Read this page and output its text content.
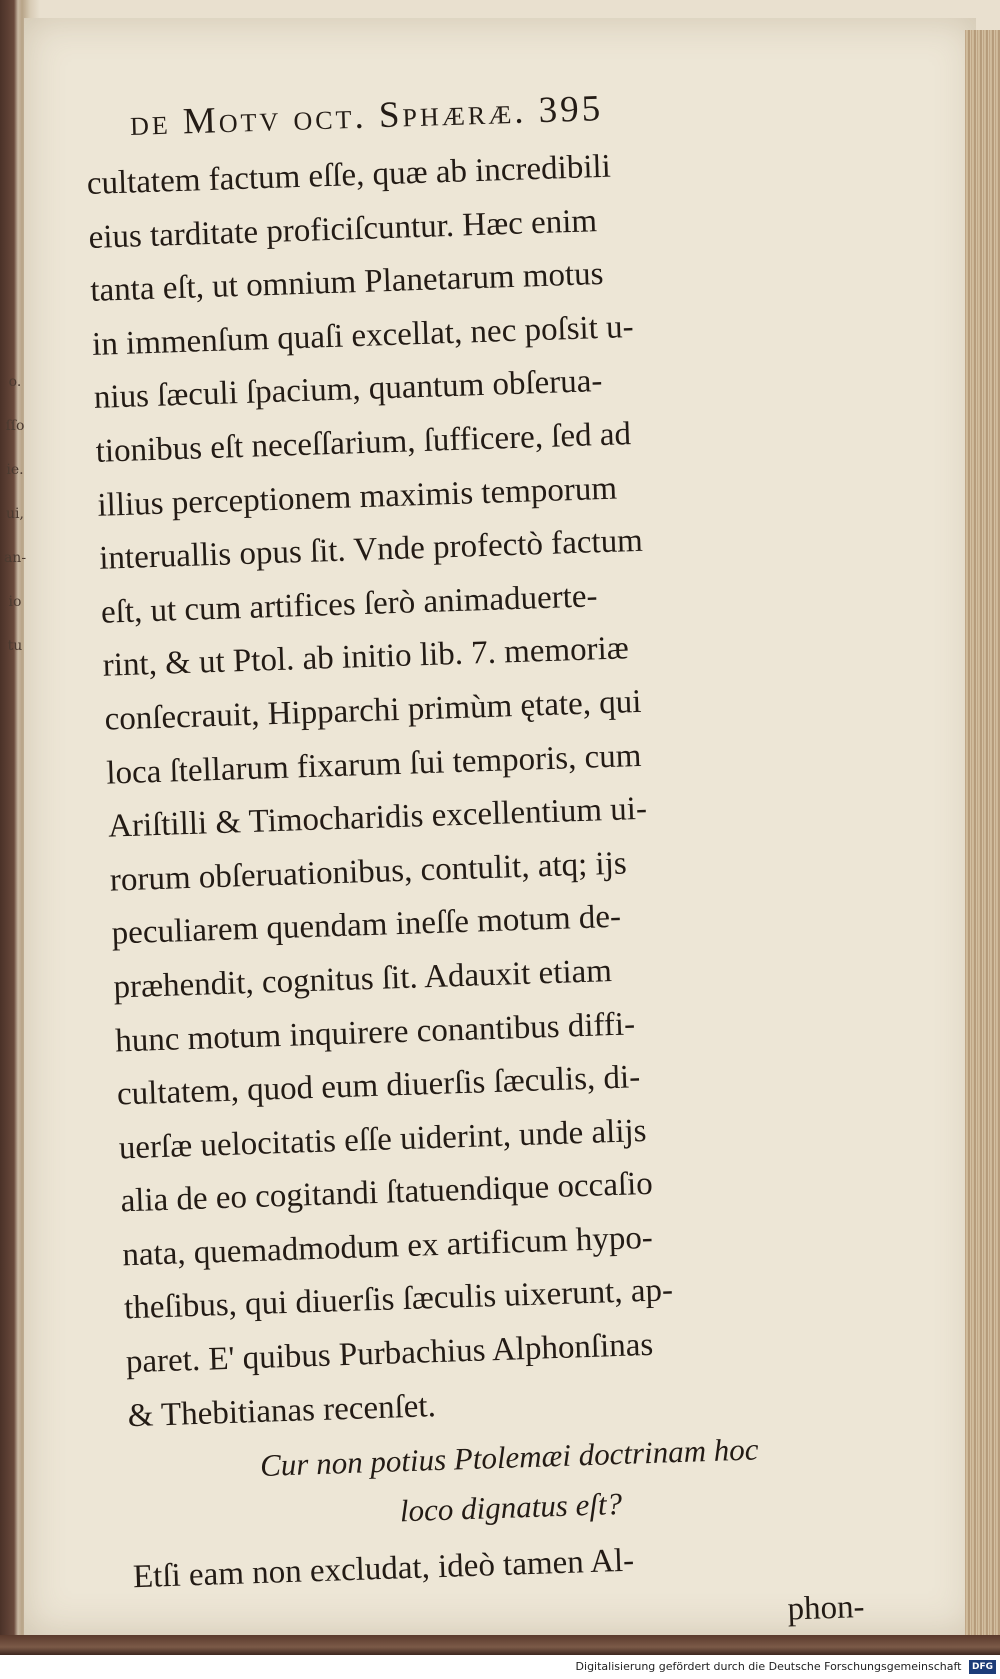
o.
ſſo
ie.
ui,
an-
io
tu
de Motv oct. Sphæræ. 395
cultatem factum eſſe, quæ ab incredibili
eius tarditate proficiſcuntur. Hæc enim
tanta eſt, ut omnium Planetarum motus
in immenſum quaſi excellat, nec poſsit u-
nius ſæculi ſpacium, quantum obſerua-
tionibus eſt neceſſarium, ſufficere, ſed ad
illius perceptionem maximis temporum
interuallis opus ſit. Vnde profectò factum
eſt, ut cum artifices ſerò animaduerte-
rint, & ut Ptol. ab initio lib. 7. memoriæ
conſecrauit, Hipparchi primùm ętate, qui
loca ſtellarum fixarum ſui temporis, cum
Ariſtilli & Timocharidis excellentium ui-
rorum obſeruationibus, contulit, atq; ijs
peculiarem quendam ineſſe motum de-
præhendit, cognitus ſit. Adauxit etiam
hunc motum inquirere conantibus diffi-
cultatem, quod eum diuerſis ſæculis, di-
uerſæ uelocitatis eſſe uiderint, unde alijs
alia de eo cogitandi ſtatuendique occaſio
nata, quemadmodum ex artificum hypo-
theſibus, qui diuerſis ſæculis uixerunt, ap-
paret. E' quibus Purbachius Alphonſinas
& Thebitianas recenſet.
Cur non potius Ptolemæi doctrinam hoc
loco dignatus eſt?
Etſi eam non excludat, ideò tamen Al-
phon-
Digitalisierung gefördert durch die Deutsche Forschungsgemeinschaft DFG
